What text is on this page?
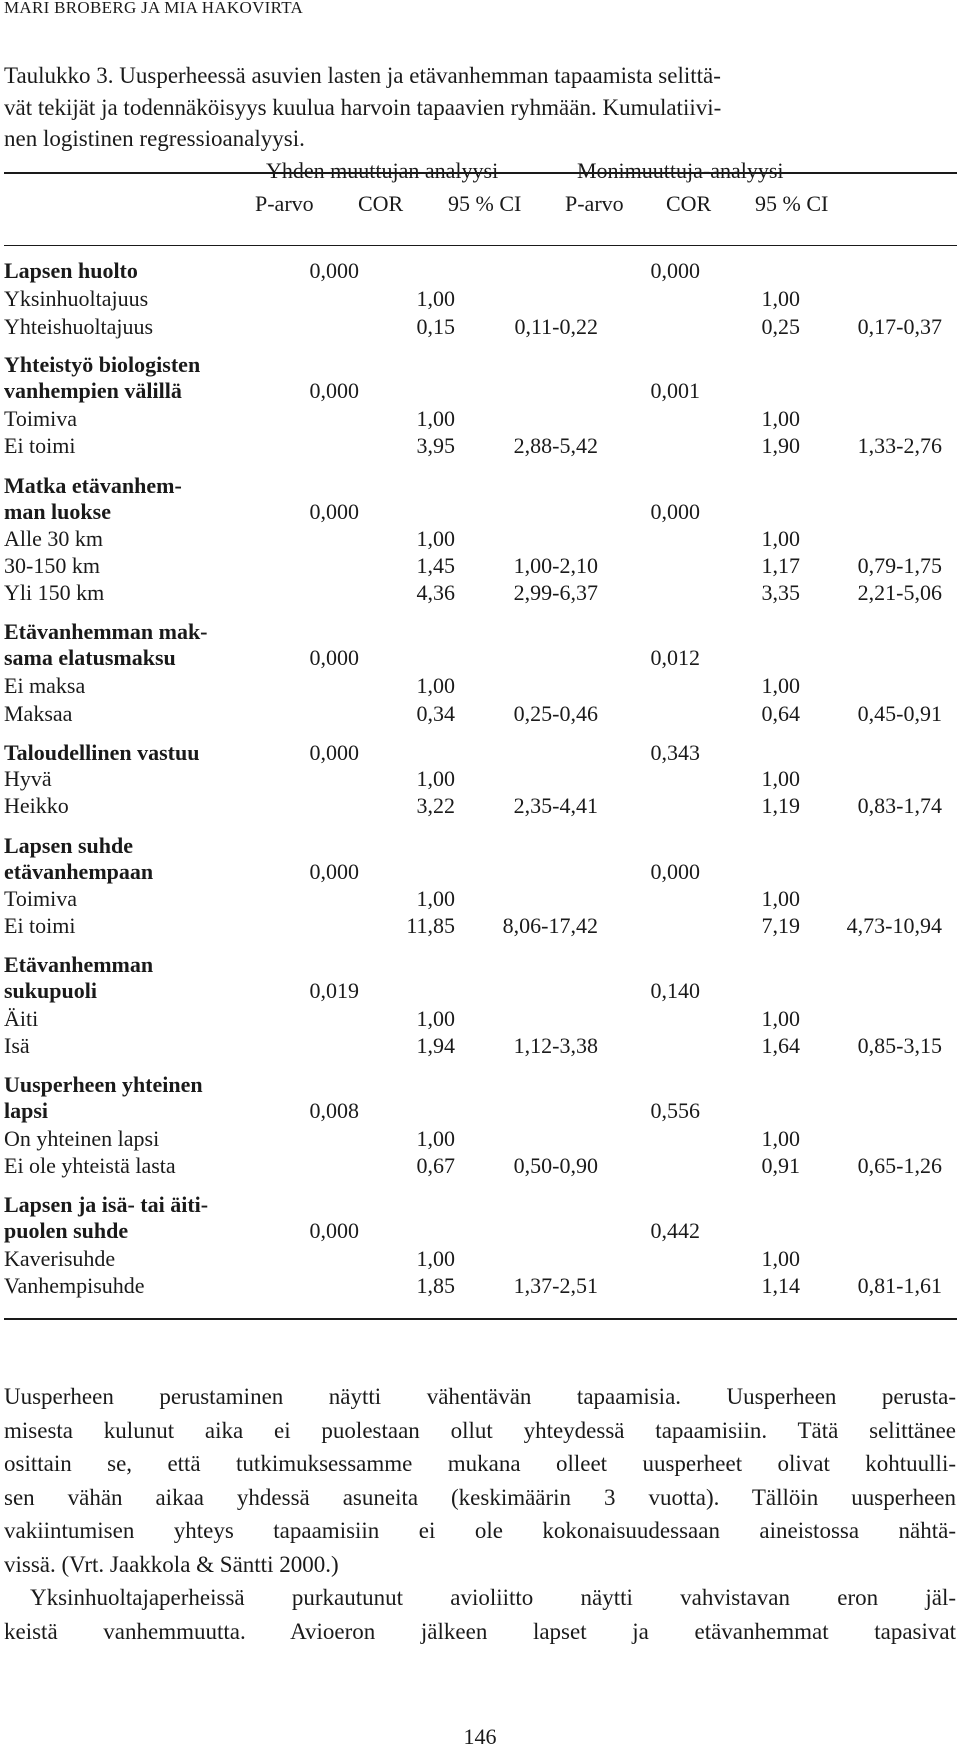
MARI BROBERG JA MIA HAKOVIRTA
Taulukko 3. Uusperheessä asuvien lasten ja etävanhemman tapaamista selittä-
vät tekijät ja todennäköisyys kuulua harvoin tapaavien ryhmään. Kumulatiivi-
nen logistinen regressioanalyysi.
Yhden muuttujan analyysi	Monimuuttuja-analyysi
P-arvo COR 95 % CI P-arvo COR 95 % CI
Lapsen huolto	0,000	0,000
Yksinhuoltajuus	1,00	1,00
Yhteishuoltajuus	0,15	0,11-0,22	0,25	0,17-0,37
Yhteistyö biologisten
vanhempien välillä	0,000	0,001
Toimiva	1,00	1,00
Ei toimi	3,95	2,88-5,42	1,90	1,33-2,76
Matka etävanhem-
man luokse	0,000	0,000
Alle 30 km	1,00	1,00
30-150 km	1,45	1,00-2,10	1,17	0,79-1,75
Yli 150 km	4,36	2,99-6,37	3,35	2,21-5,06
Etävanhemman mak-
sama elatusmaksu	0,000	0,012
Ei maksa	1,00	1,00
Maksaa	0,34	0,25-0,46	0,64	0,45-0,91
Taloudellinen vastuu	0,000	0,343
Hyvä	1,00	1,00
Heikko	3,22	2,35-4,41	1,19	0,83-1,74
Lapsen suhde
etävanhempaan	0,000	0,000
Toimiva	1,00	1,00
Ei toimi	11,85 8,06-17,42	7,19 4,73-10,94
Etävanhemman
sukupuoli	0,019	0,140
Äiti	1,00	1,00
Isä	1,94	1,12-3,38	1,64	0,85-3,15
Uusperheen yhteinen
lapsi	0,008	0,556
On yhteinen lapsi	1,00	1,00
Ei ole yhteistä lasta	0,67	0,50-0,90	0,91	0,65-1,26
Lapsen ja isä- tai äiti-
puolen suhde	0,000	0,442
Kaverisuhde	1,00	1,00
Vanhempisuhde	1,85	1,37-2,51	1,14	0,81-1,61
Uusperheen perustaminen näytti vähentävän tapaamisia. Uusperheen perusta-
misesta kulunut aika ei puolestaan ollut yhteydessä tapaamisiin. Tätä selittänee
osittain se, että tutkimuksessamme mukana olleet uusperheet olivat kohtuulli-
sen vähän aikaa yhdessä asuneita (keskimäärin 3 vuotta). Tällöin uusperheen
vakiintumisen yhteys tapaamisiin ei ole kokonaisuudessaan aineistossa nähtä-
vissä. (Vrt. Jaakkola & Säntti 2000.)
Yksinhuoltajaperheissä purkautunut avioliitto näytti vahvistavan eron jäl-
keistä vanhemmuutta. Avioeron jälkeen lapset ja etävanhemmat tapasivat
146
